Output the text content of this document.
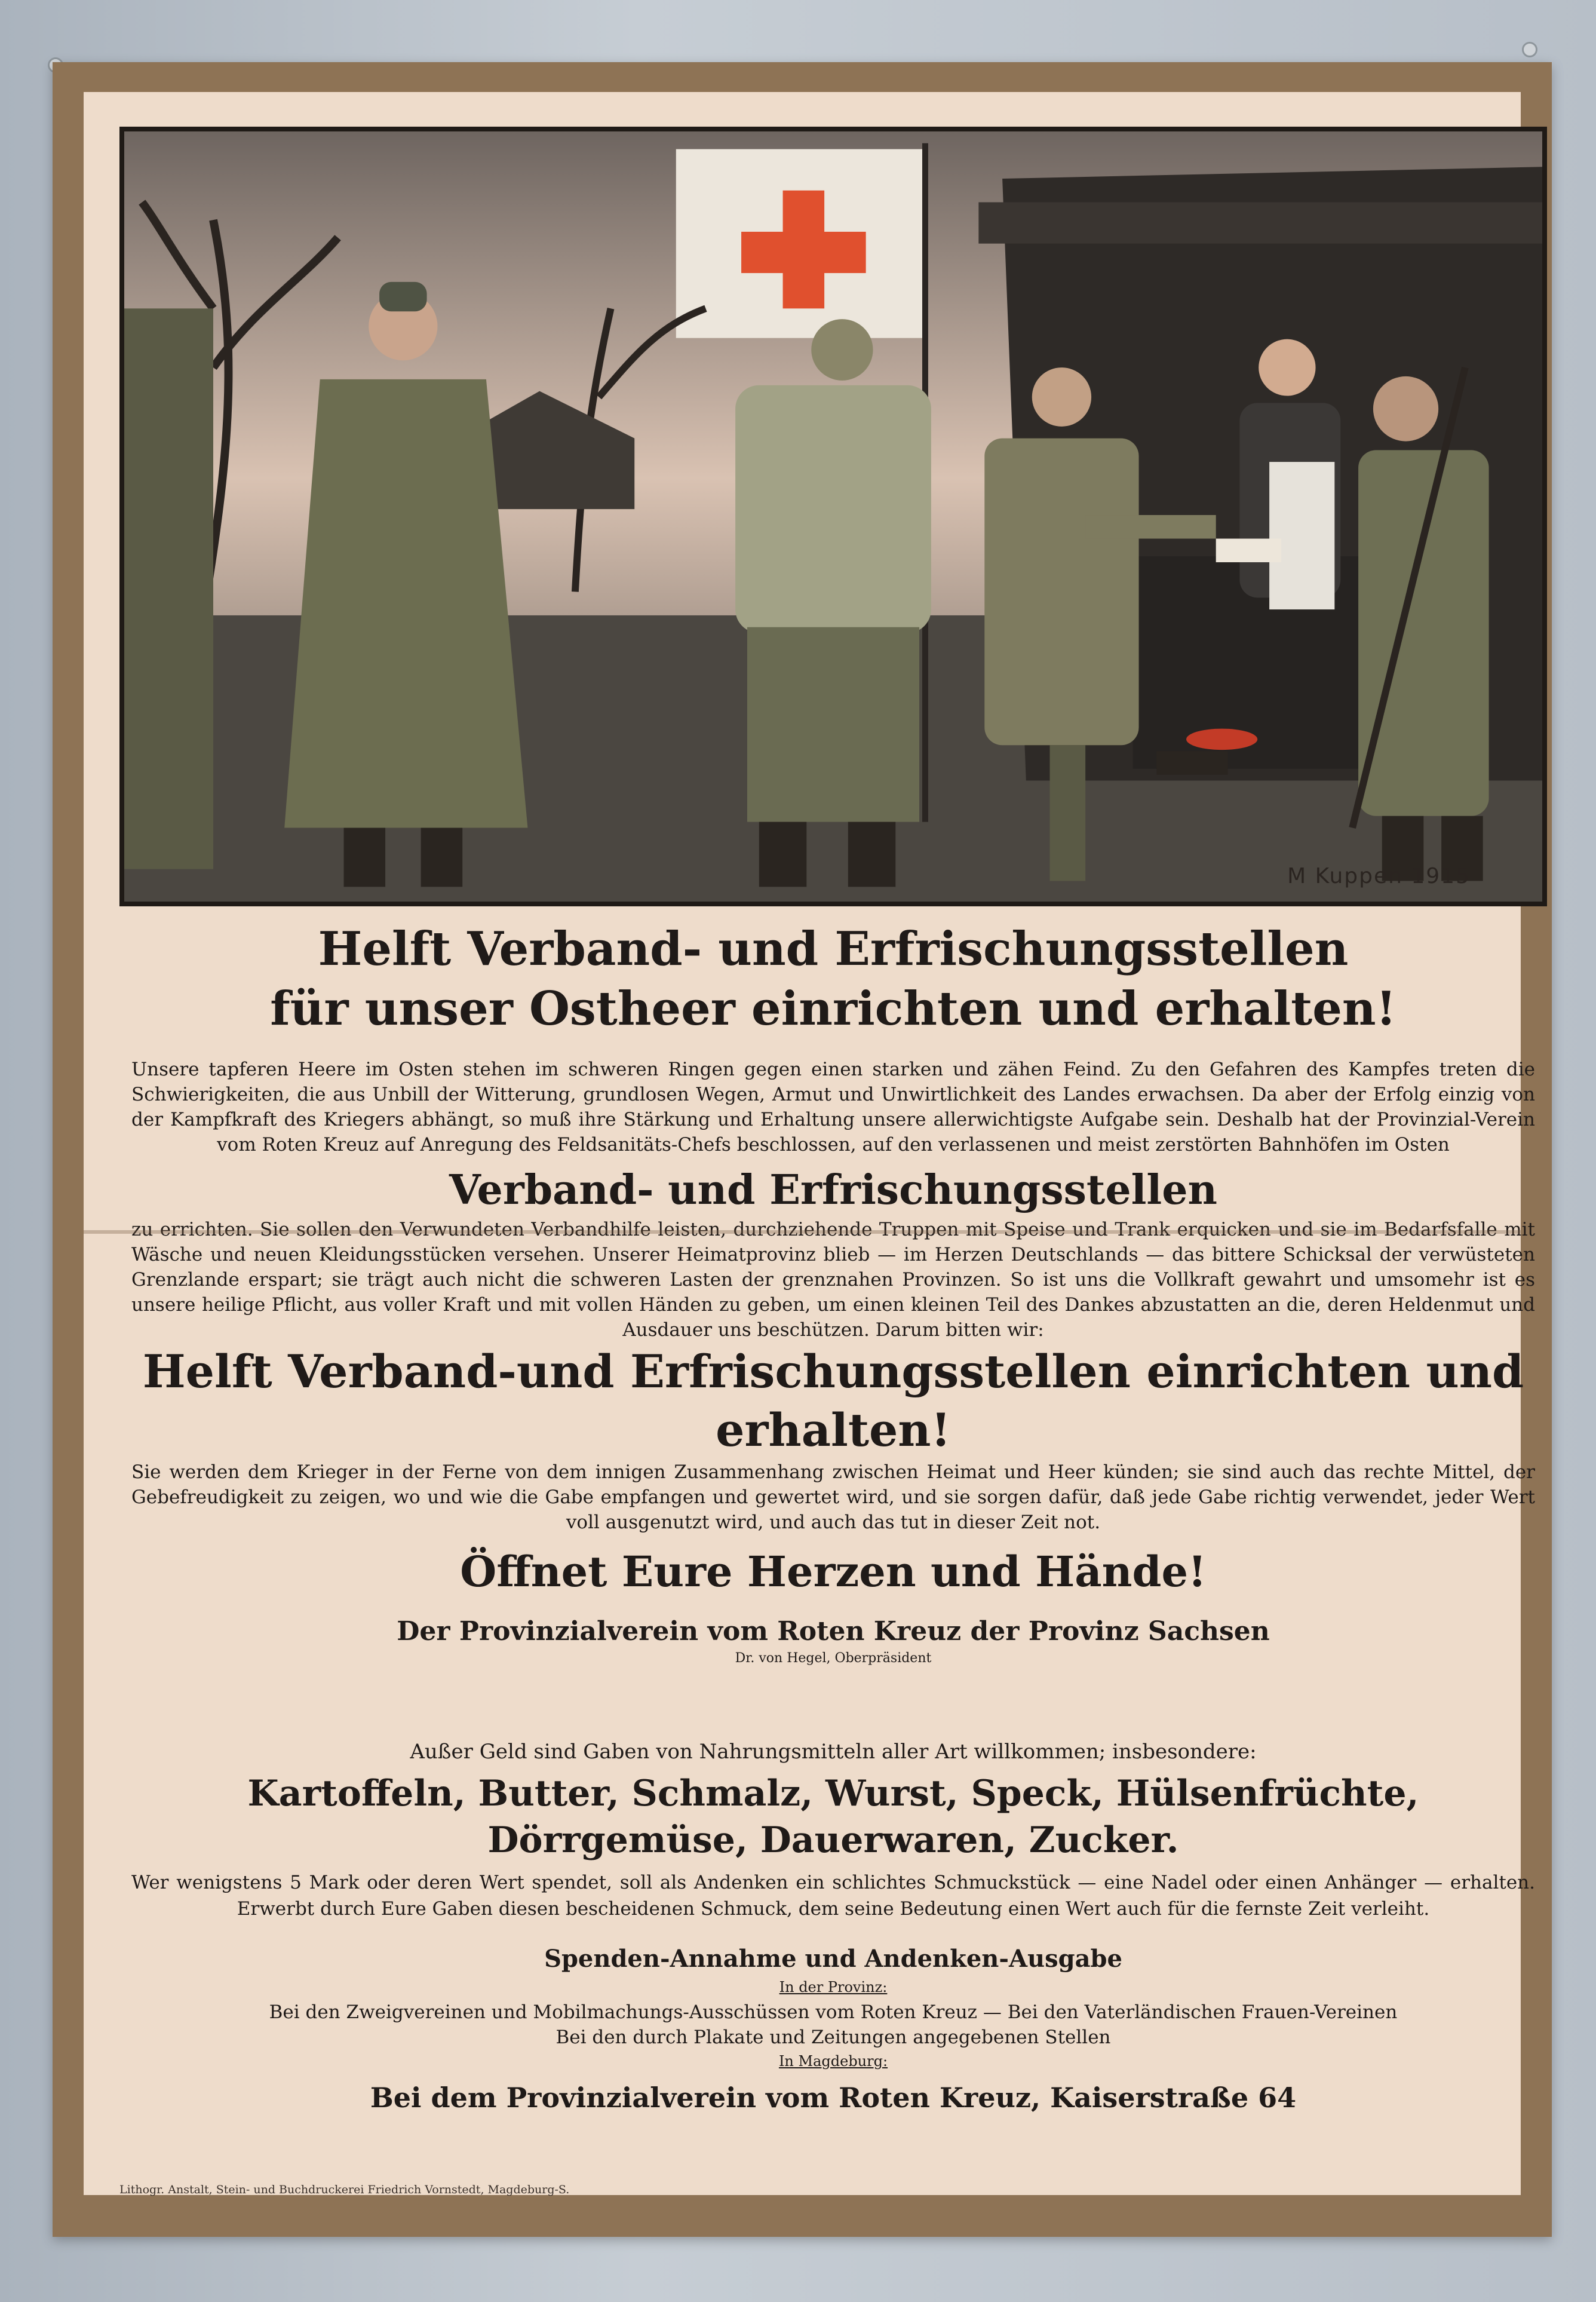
M Kuppen 1915

Helft Verband- und Erfrischungsstellen

für unser Ostheer einrichten und erhalten!

Unsere tapferen Heere im Osten stehen im schweren Ringen gegen einen starken und zähen Feind. Zu den Gefahren des Kampfes treten die Schwierigkeiten, die aus Unbill der Witterung, grundlosen Wegen, Armut und Unwirtlichkeit des Landes erwachsen. Da aber der Erfolg einzig von der Kampfkraft des Kriegers abhängt, so muß ihre Stärkung und Erhaltung unsere allerwichtigste Aufgabe sein. Deshalb hat der Provinzial-Verein vom Roten Kreuz auf Anregung des Feldsanitäts-Chefs beschlossen, auf den verlassenen und meist zerstörten Bahnhöfen im Osten

Verband- und Erfrischungsstellen

zu errichten. Sie sollen den Verwundeten Verbandhilfe leisten, durchziehende Truppen mit Speise und Trank erquicken und sie im Bedarfsfalle mit Wäsche und neuen Kleidungsstücken versehen. Unserer Heimatprovinz blieb — im Herzen Deutschlands — das bittere Schicksal der verwüsteten Grenzlande erspart; sie trägt auch nicht die schweren Lasten der grenznahen Provinzen. So ist uns die Vollkraft gewahrt und umsomehr ist es unsere heilige Pflicht, aus voller Kraft und mit vollen Händen zu geben, um einen kleinen Teil des Dankes abzustatten an die, deren Heldenmut und Ausdauer uns beschützen. Darum bitten wir:

Helft Verband-und Erfrischungsstellen einrichten und erhalten!

Sie werden dem Krieger in der Ferne von dem innigen Zusammenhang zwischen Heimat und Heer künden; sie sind auch das rechte Mittel, der Gebefreudigkeit zu zeigen, wo und wie die Gabe empfangen und gewertet wird, und sie sorgen dafür, daß jede Gabe richtig verwendet, jeder Wert voll ausgenutzt wird, und auch das tut in dieser Zeit not.

Öffnet Eure Herzen und Hände!

Der Provinzialverein vom Roten Kreuz der Provinz Sachsen

Dr. von Hegel, Oberpräsident

Außer Geld sind Gaben von Nahrungsmitteln aller Art willkommen; insbesondere:

Kartoffeln, Butter, Schmalz, Wurst, Speck, Hülsenfrüchte, Dörrgemüse, Dauerwaren, Zucker.

Wer wenigstens 5 Mark oder deren Wert spendet, soll als Andenken ein schlichtes Schmuckstück — eine Nadel oder einen Anhänger — erhalten. Erwerbt durch Eure Gaben diesen bescheidenen Schmuck, dem seine Bedeutung einen Wert auch für die fernste Zeit verleiht.

Spenden-Annahme und Andenken-Ausgabe

In der Provinz:

Bei den Zweigvereinen und Mobilmachungs-Ausschüssen vom Roten Kreuz — Bei den Vaterländischen Frauen-Vereinen

Bei den durch Plakate und Zeitungen angegebenen Stellen

In Magdeburg:

Bei dem Provinzialverein vom Roten Kreuz, Kaiserstraße 64

Lithogr. Anstalt, Stein- und Buchdruckerei Friedrich Vornstedt, Magdeburg-S.
